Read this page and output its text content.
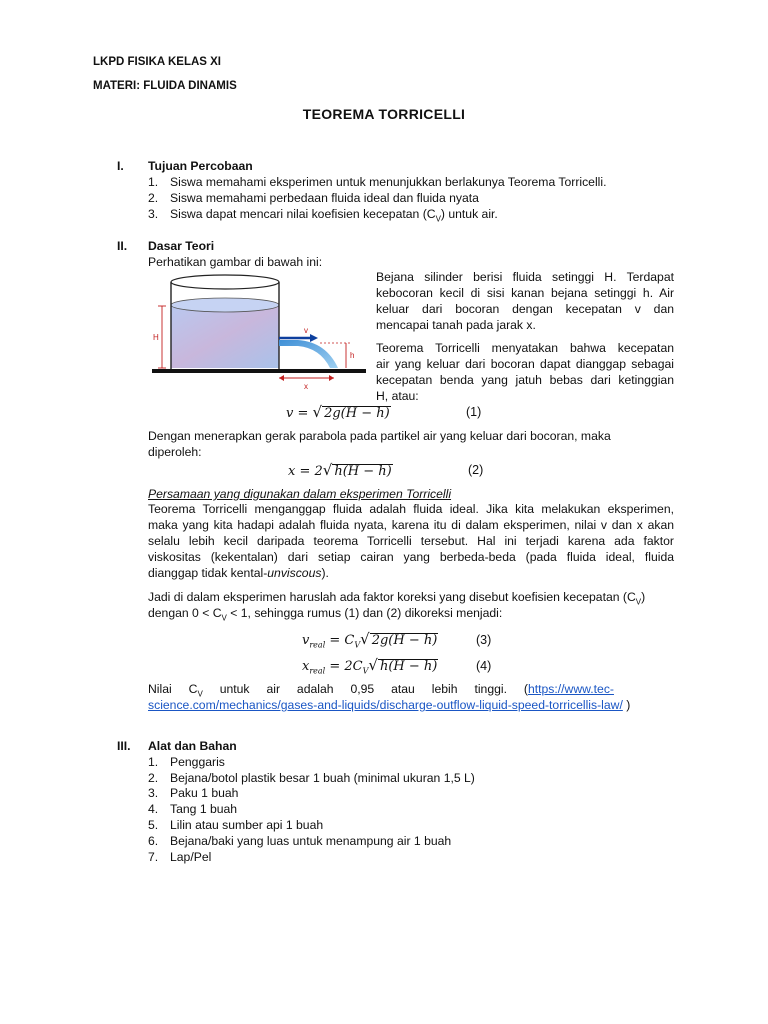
LKPD FISIKA KELAS XI
MATERI: FLUIDA DINAMIS
TEOREMA TORRICELLI
I.	Tujuan Percobaan
1. Siswa memahami eksperimen untuk menunjukkan berlakunya Teorema Torricelli.
2. Siswa memahami perbedaan fluida ideal dan fluida nyata
3. Siswa dapat mencari nilai koefisien kecepatan $(C_V)$ untuk air.
II.	Dasar Teori
Perhatikan gambar di bawah ini:
H
v
h
x
Bejana silinder berisi fluida setinggi H. Terdapat
kebocoran kecil di sisi kanan bejana setinggi h. Air
keluar dari bocoran dengan kecepatan v dan
mencapai tanah pada jarak x.
Teorema Torricelli menyatakan bahwa kecepatan
air yang keluar dari bocoran dapat dianggap sebagai
kecepatan benda yang jatuh bebas dari ketinggian
H, atau:
v = √ 2g(H − h)	(1)
Dengan menerapkan gerak parabola pada partikel air yang keluar dari bocoran, maka
diperoleh:
x = 2√ h(H − h)	(2)
Persamaan yang digunakan dalam eksperimen Torricelli
Teorema Torricelli menganggap fluida adalah fluida ideal. Jika kita melakukan eksperimen,
maka yang kita hadapi adalah fluida nyata, karena itu di dalam eksperimen, nilai v dan x akan
selalu lebih kecil daripada teorema Torricelli tersebut. Hal ini terjadi karena ada faktor
viskositas (kekentalan) dari setiap cairan yang berbeda-beda (pada fluida ideal, fluida
dianggap tidak kental-unviscous).
Jadi di dalam eksperimen haruslah ada faktor koreksi yang disebut koefisien kecepatan $(C_V)$
dengan $0 < C_V < 1$, sehingga rumus (1) dan (2) dikoreksi menjadi:
$v_{real} = C_V√$ 2g(H − h)	(3)
$x_{real} = 2C_V√$ h(H − h)	(4)
Nilai     $C_V$     untuk     air     adalah     0,95     atau     lebih     tinggi.     (https://www.tec-
science.com/mechanics/gases-and-liquids/discharge-outflow-liquid-speed-torricellis-law/ )
III.	Alat dan Bahan
1. Penggaris
2. Bejana/botol plastik besar 1 buah (minimal ukuran 1,5 L)
3. Paku 1 buah
4. Tang 1 buah
5. Lilin atau sumber api 1 buah
6. Bejana/baki yang luas untuk menampung air 1 buah
7. Lap/Pel
